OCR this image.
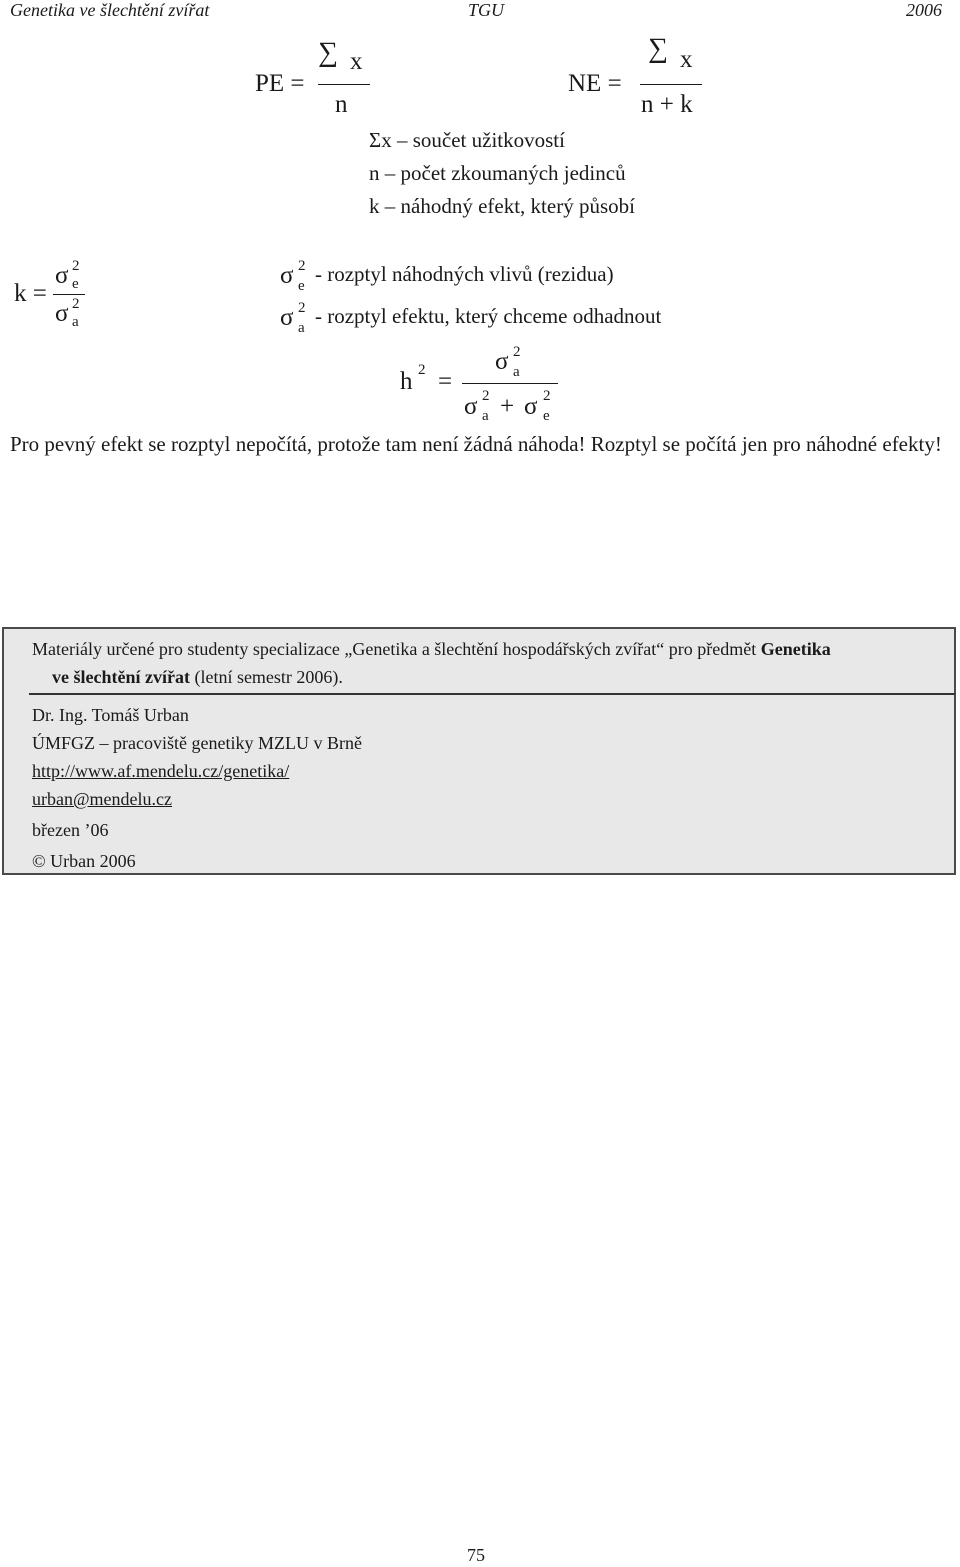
Genetika ve šlechtění zvířat	TGU	2006
PE =
∑ x
n
NE =
∑ x
n + k
Σx – součet užitkovostí
n – počet zkoumaných jedinců
k – náhodný efekt, který působí
k =
σ 2
e
σ 2
a
σ 2
e - rozptyl náhodných vlivů (rezidua)
σ 2
a - rozptyl efektu, který chceme odhadnout
h 2 =
σ 2
a
σ 2
a + σ 2
e
Pro pevný efekt se rozptyl nepočítá, protože tam není žádná náhoda! Rozptyl se počítá jen pro náhodné efekty!
Materiály určené pro studenty specializace „Genetika a šlechtění hospodářských zvířat“ pro předmět Genetika
ve šlechtění zvířat (letní semestr 2006).
Dr. Ing. Tomáš Urban
ÚMFGZ – pracoviště genetiky MZLU v Brně
http://www.af.mendelu.cz/genetika/
urban@mendelu.cz
březen ’06
© Urban 2006
75
